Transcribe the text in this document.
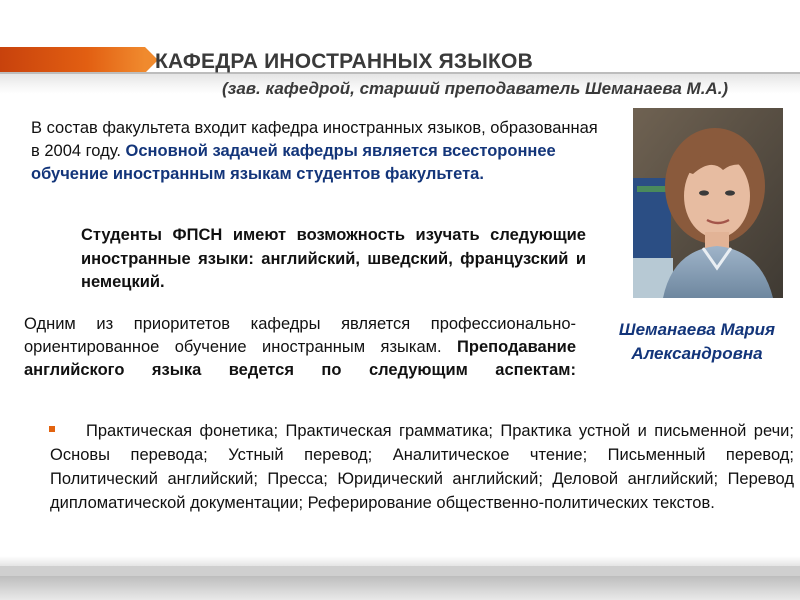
КАФЕДРА ИНОСТРАННЫХ ЯЗЫКОВ

(зав. кафедрой, старший преподаватель Шеманаева М.А.)

В состав факультета входит кафедра иностранных языков, образованная в 2004 году. Основной задачей кафедры является всестороннее обучение иностранным языкам студентов факультета.

Студенты ФПСН имеют возможность изучать следующие иностранные языки: английский, шведский, французский и немецкий.

Одним из приоритетов кафедры является профессионально-ориентированное обучение иностранным языкам. Преподавание английского языка ведется по следующим аспектам:

Практическая фонетика; Практическая грамматика; Практика устной и письменной речи; Основы перевода; Устный перевод; Аналитическое чтение; Письменный перевод; Политический английский; Пресса; Юридический английский; Деловой английский; Перевод дипломатической документации; Реферирование общественно-политических текстов.

Шеманаева Мария
Александровна
